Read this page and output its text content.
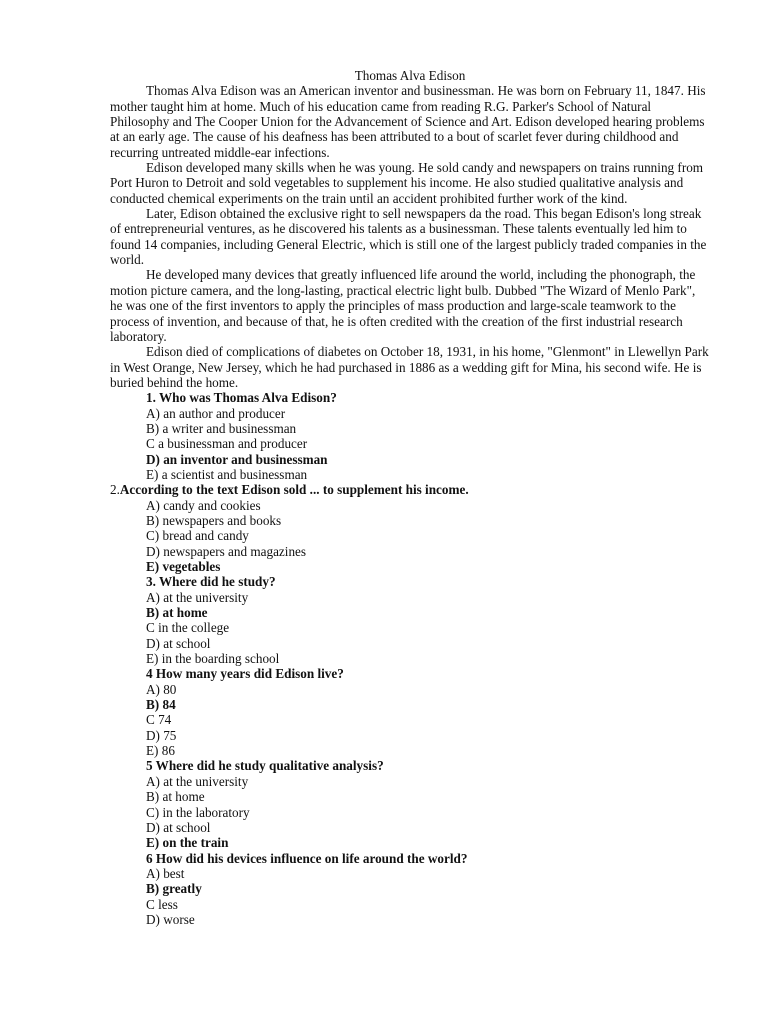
Thomas Alva Edison

Thomas Alva Edison was an American inventor and businessman. He was born on February 11, 1847. His mother taught him at home. Much of his education came from reading R.G. Parker's School of Natural Philosophy and The Cooper Union for the Advancement of Science and Art. Edison developed hearing problems at an early age. The cause of his deafness has been attributed to a bout of scarlet fever during childhood and recurring untreated middle-ear infections.

Edison developed many skills when he was young. He sold candy and newspapers on trains running from Port Huron to Detroit and sold vegetables to supplement his income. He also studied qualitative analysis and conducted chemical experiments on the train until an accident prohibited further work of the kind.

Later, Edison obtained the exclusive right to sell newspapers da the road. This began Edison's long streak of entrepreneurial ventures, as he discovered his talents as a businessman. These talents eventually led him to found 14 companies, including General Electric, which is still one of the largest publicly traded companies in the world.

He developed many devices that greatly influenced life around the world, including the phonograph, the motion picture camera, and the long-lasting, practical electric light bulb. Dubbed "The Wizard of Menlo Park", he was one of the first inventors to apply the principles of mass production and large-scale teamwork to the process of invention, and because of that, he is often credited with the creation of the first industrial research laboratory.

Edison died of complications of diabetes on October 18, 1931, in his home, "Glenmont" in Llewellyn Park in West Orange, New Jersey, which he had purchased in 1886 as a wedding gift for Mina, his second wife. He is buried behind the home.

1. Who was Thomas Alva Edison?

A) an author and producer

B) a writer and businessman

C a businessman and producer

D) an inventor and businessman

E) a scientist and businessman

2.According to the text Edison sold ... to supplement his income.

A) candy and cookies

B) newspapers and books

C) bread and candy

D) newspapers and magazines

E) vegetables

3. Where did he study?

A) at the university

B) at home

C in the college

D) at school

E) in the boarding school

4 How many years did Edison live?

A) 80

B) 84

C 74

D) 75

E) 86

5 Where did he study qualitative analysis?

A) at the university

B) at home

C) in the laboratory

D) at school

E) on the train

6 How did his devices influence on life around the world?

A) best

B) greatly

C less

D) worse
